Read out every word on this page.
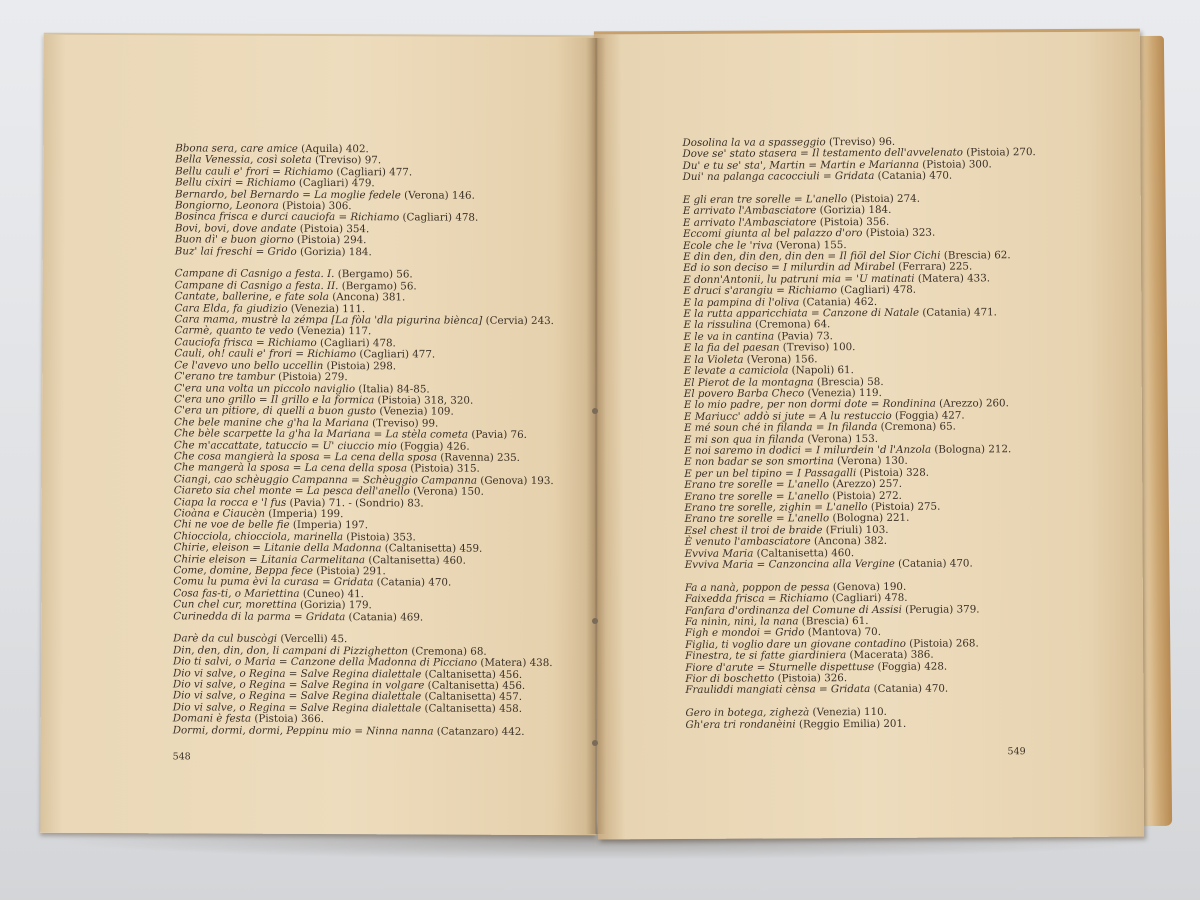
Bbona sera, care amice (Aquila) 402.
Bella Venessia, così soleta (Treviso) 97.
Bellu cauli e' frori = Richiamo (Cagliari) 477.
Bellu cixiri = Richiamo (Cagliari) 479.
Bernardo, bel Bernardo = La moglie fedele (Verona) 146.
Bongiorno, Leonora (Pistoia) 306.
Bosinca frisca e durci cauciofa = Richiamo (Cagliari) 478.
Bovi, bovi, dove andate (Pistoia) 354.
Buon dì' e buon giorno (Pistoia) 294.
Buz' lai freschi = Grido (Gorizia) 184.
Campane di Casnigo a festa. I. (Bergamo) 56.
Campane di Casnigo a festa. II. (Bergamo) 56.
Cantate, ballerine, e fate sola (Ancona) 381.
Cara Elda, fa giudizio (Venezia) 111.
Cara mama, mustrè la zémpa [La fòla 'dla pigurina biènca] (Cervia) 243.
Carmè, quanto te vedo (Venezia) 117.
Cauciofa frisca = Richiamo (Cagliari) 478.
Cauli, oh! cauli e' frori = Richiamo (Cagliari) 477.
Ce l'avevo uno bello uccellin (Pistoia) 298.
C'erano tre tambur (Pistoia) 279.
C'era una volta un piccolo naviglio (Italia) 84-85.
C'era uno grillo = Il grillo e la formica (Pistoia) 318, 320.
C'era un pitiore, di quelli a buon gusto (Venezia) 109.
Che bele manine che g'ha la Mariana (Treviso) 99.
Che bèle scarpette la g'ha la Mariana = La stèla cometa (Pavia) 76.
Che m'accattate, tatuccio = U' ciuccio mio (Foggia) 426.
Che cosa mangierà la sposa = La cena della sposa (Ravenna) 235.
Che mangerà la sposa = La cena della sposa (Pistoia) 315.
Ciangi, cao schèuggio Campanna = Schèuggio Campanna (Genova) 193.
Ciareto sia chel monte = La pesca dell'anello (Verona) 150.
Ciapa la rocca e 'l fus (Pavia) 71. - (Sondrio) 83.
Cioàna e Ciaucèn (Imperia) 199.
Chi ne voe de belle fie (Imperia) 197.
Chiocciola, chiocciola, marinella (Pistoia) 353.
Chirie, eleison = Litanie della Madonna (Caltanisetta) 459.
Chirie eleison = Litania Carmelitana (Caltanisetta) 460.
Come, domine, Beppa fece (Pistoia) 291.
Comu lu puma èvi la curasa = Gridata (Catania) 470.
Cosa fas-ti, o Mariettina (Cuneo) 41.
Cun chel cur, morettina (Gorizia) 179.
Curinedda di la parma = Gridata (Catania) 469.
Darè da cul buscògi (Vercelli) 45.
Din, den, din, don, li campani di Pizzighetton (Cremona) 68.
Dio ti salvi, o Maria = Canzone della Madonna di Picciano (Matera) 438.
Dio vi salve, o Regina = Salve Regina dialettale (Caltanisetta) 456.
Dio vi salve, o Regina = Salve Regina in volgare (Caltanisetta) 456.
Dio vi salve, o Regina = Salve Regina dialettale (Caltanisetta) 457.
Dio vi salve, o Regina = Salve Regina dialettale (Caltanisetta) 458.
Domani è festa (Pistoia) 366.
Dormi, dormi, dormi, Peppinu mio = Ninna nanna (Catanzaro) 442.
548
Dosolina la va a spasseggio (Treviso) 96.
Dove se' stato stasera = Il testamento dell'avvelenato (Pistoia) 270.
Du' e tu se' sta', Martin = Martin e Marianna (Pistoia) 300.
Dui' na palanga cacocciuli = Gridata (Catania) 470.
E gli eran tre sorelle = L'anello (Pistoia) 274.
E arrivato l'Ambasciatore (Gorizia) 184.
E arrivato l'Ambasciatore (Pistoia) 356.
Eccomi giunta al bel palazzo d'oro (Pistoia) 323.
Ecole che le 'riva (Verona) 155.
E din den, din den, din den = Il fiöl del Sior Cichi (Brescia) 62.
Ed io son deciso = I milurdin ad Mirabel (Ferrara) 225.
E donn'Antonii, lu patruni mia = 'U matinati (Matera) 433.
E druci s'arangiu = Richiamo (Cagliari) 478.
E la pampina di l'oliva (Catania) 462.
E la rutta apparicchiata = Canzone di Natale (Catania) 471.
E la rissulina (Cremona) 64.
E le va in cantina (Pavia) 73.
E la fia del paesan (Treviso) 100.
E la Violeta (Verona) 156.
E levate a camiciola (Napoli) 61.
El Pierot de la montagna (Brescia) 58.
El povero Barba Checo (Venezia) 119.
E lo mio padre, per non dormi dote = Rondinina (Arezzo) 260.
E Mariucc' addò si jute = A lu restuccio (Foggia) 427.
E mé soun ché in filanda = In filanda (Cremona) 65.
E mi son qua in filanda (Verona) 153.
E noi saremo in dodici = I milurdein 'd l'Anzola (Bologna) 212.
E non badar se son smortina (Verona) 130.
E per un bel tipino = I Passagalli (Pistoia) 328.
Erano tre sorelle = L'anello (Arezzo) 257.
Erano tre sorelle = L'anello (Pistoia) 272.
Erano tre sorelle, zighin = L'anello (Pistoia) 275.
Erano tre sorelle = L'anello (Bologna) 221.
Esel chest il troi de braide (Friuli) 103.
È venuto l'ambasciatore (Ancona) 382.
Evviva Maria (Caltanisetta) 460.
Evviva Maria = Canzoncina alla Vergine (Catania) 470.
Fa a nanà, poppon de pessa (Genova) 190.
Faixedda frisca = Richiamo (Cagliari) 478.
Fanfara d'ordinanza del Comune di Assisi (Perugia) 379.
Fa ninìn, ninì, la nana (Brescia) 61.
Figh e mondoi = Grido (Mantova) 70.
Figlia, ti voglio dare un giovane contadino (Pistoia) 268.
Finestra, te si fatte giardiniera (Macerata) 386.
Fiore d'arute = Sturnelle dispettuse (Foggia) 428.
Fior di boschetto (Pistoia) 326.
Frauliddi mangiati cènsa = Gridata (Catania) 470.
Gero in botega, zighezà (Venezia) 110.
Gh'era tri rondanèini (Reggio Emilia) 201.
549
